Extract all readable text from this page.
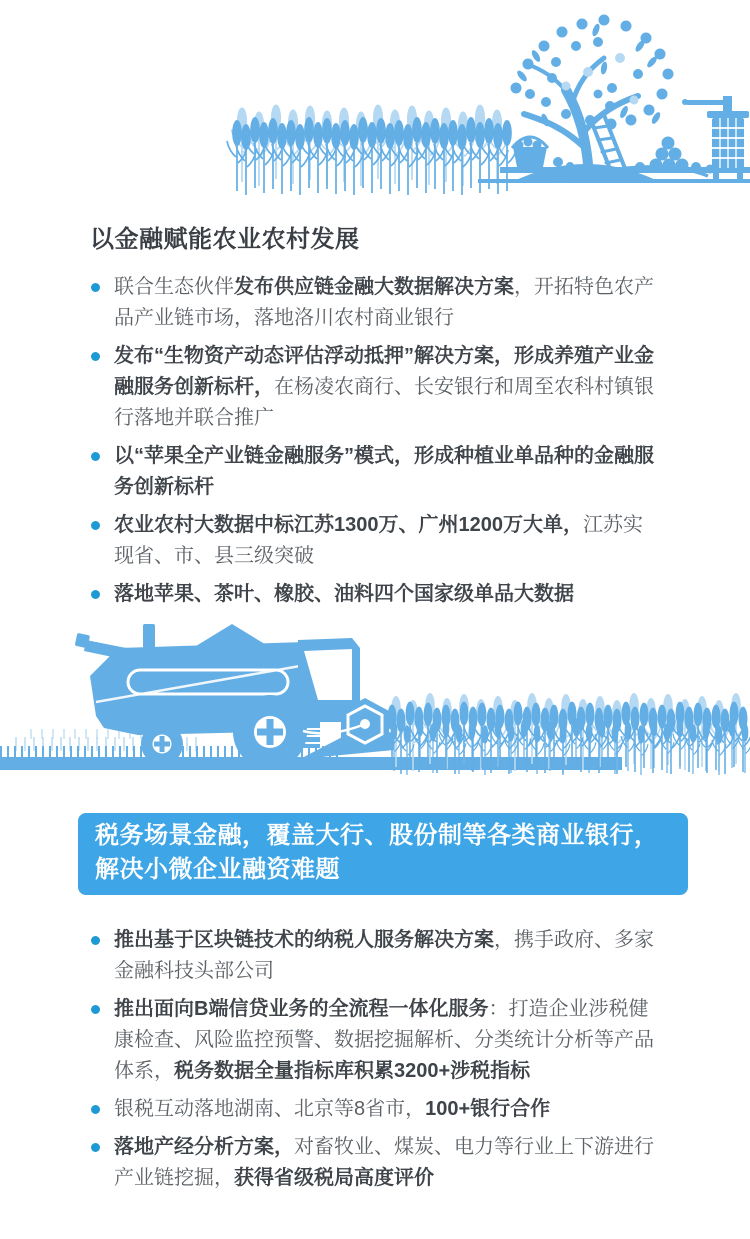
以金融赋能农业农村发展
联合生态伙伴发布供应链金融大数据解决方案，开拓特色农产品产业链市场，落地洛川农村商业银行
发布“生物资产动态评估浮动抵押”解决方案，形成养殖产业金融服务创新标杆，在杨凌农商行、长安银行和周至农科村镇银行落地并联合推广
以“苹果全产业链金融服务”模式，形成种植业单品种的金融服务创新标杆
农业农村大数据中标江苏1300万、广州1200万大单，江苏实现省、市、县三级突破
落地苹果、茶叶、橡胶、油料四个国家级单品大数据
税务场景金融，覆盖大行、股份制等各类商业银行，
解决小微企业融资难题
推出基于区块链技术的纳税人服务解决方案，携手政府、多家金融科技头部公司
推出面向B端信贷业务的全流程一体化服务：打造企业涉税健康检查、风险监控预警、数据挖掘解析、分类统计分析等产品体系，税务数据全量指标库积累3200+涉税指标
银税互动落地湖南、北京等8省市，100+银行合作
落地产经分析方案，对畜牧业、煤炭、电力等行业上下游进行产业链挖掘，获得省级税局高度评价
